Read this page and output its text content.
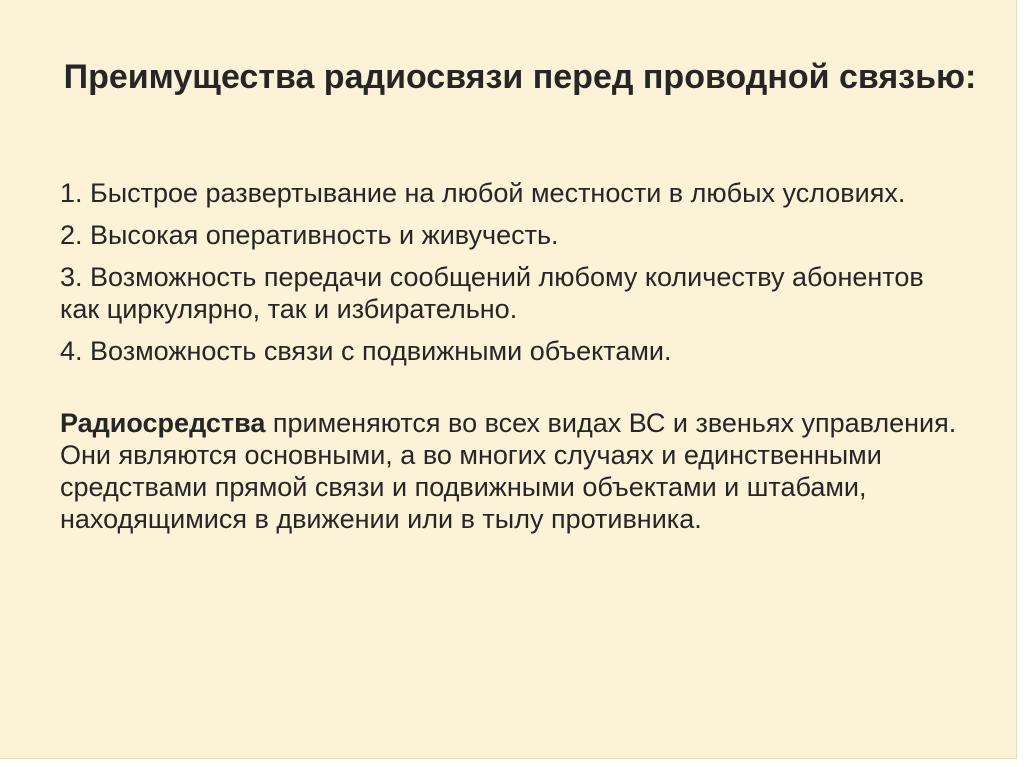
Преимущества радиосвязи перед проводной связью:
1. Быстрое развертывание на любой местности в любых условиях.
2. Высокая оперативность и живучесть.
3. Возможность передачи сообщений любому количеству абонентов как циркулярно, так и избирательно.
4. Возможность связи с подвижными объектами.
Радиосредства применяются во всех видах ВС и звеньях управления. Они являются основными, а во многих случаях и единственными средствами прямой связи и подвижными объектами и штабами, находящимися в движении или в тылу противника.
